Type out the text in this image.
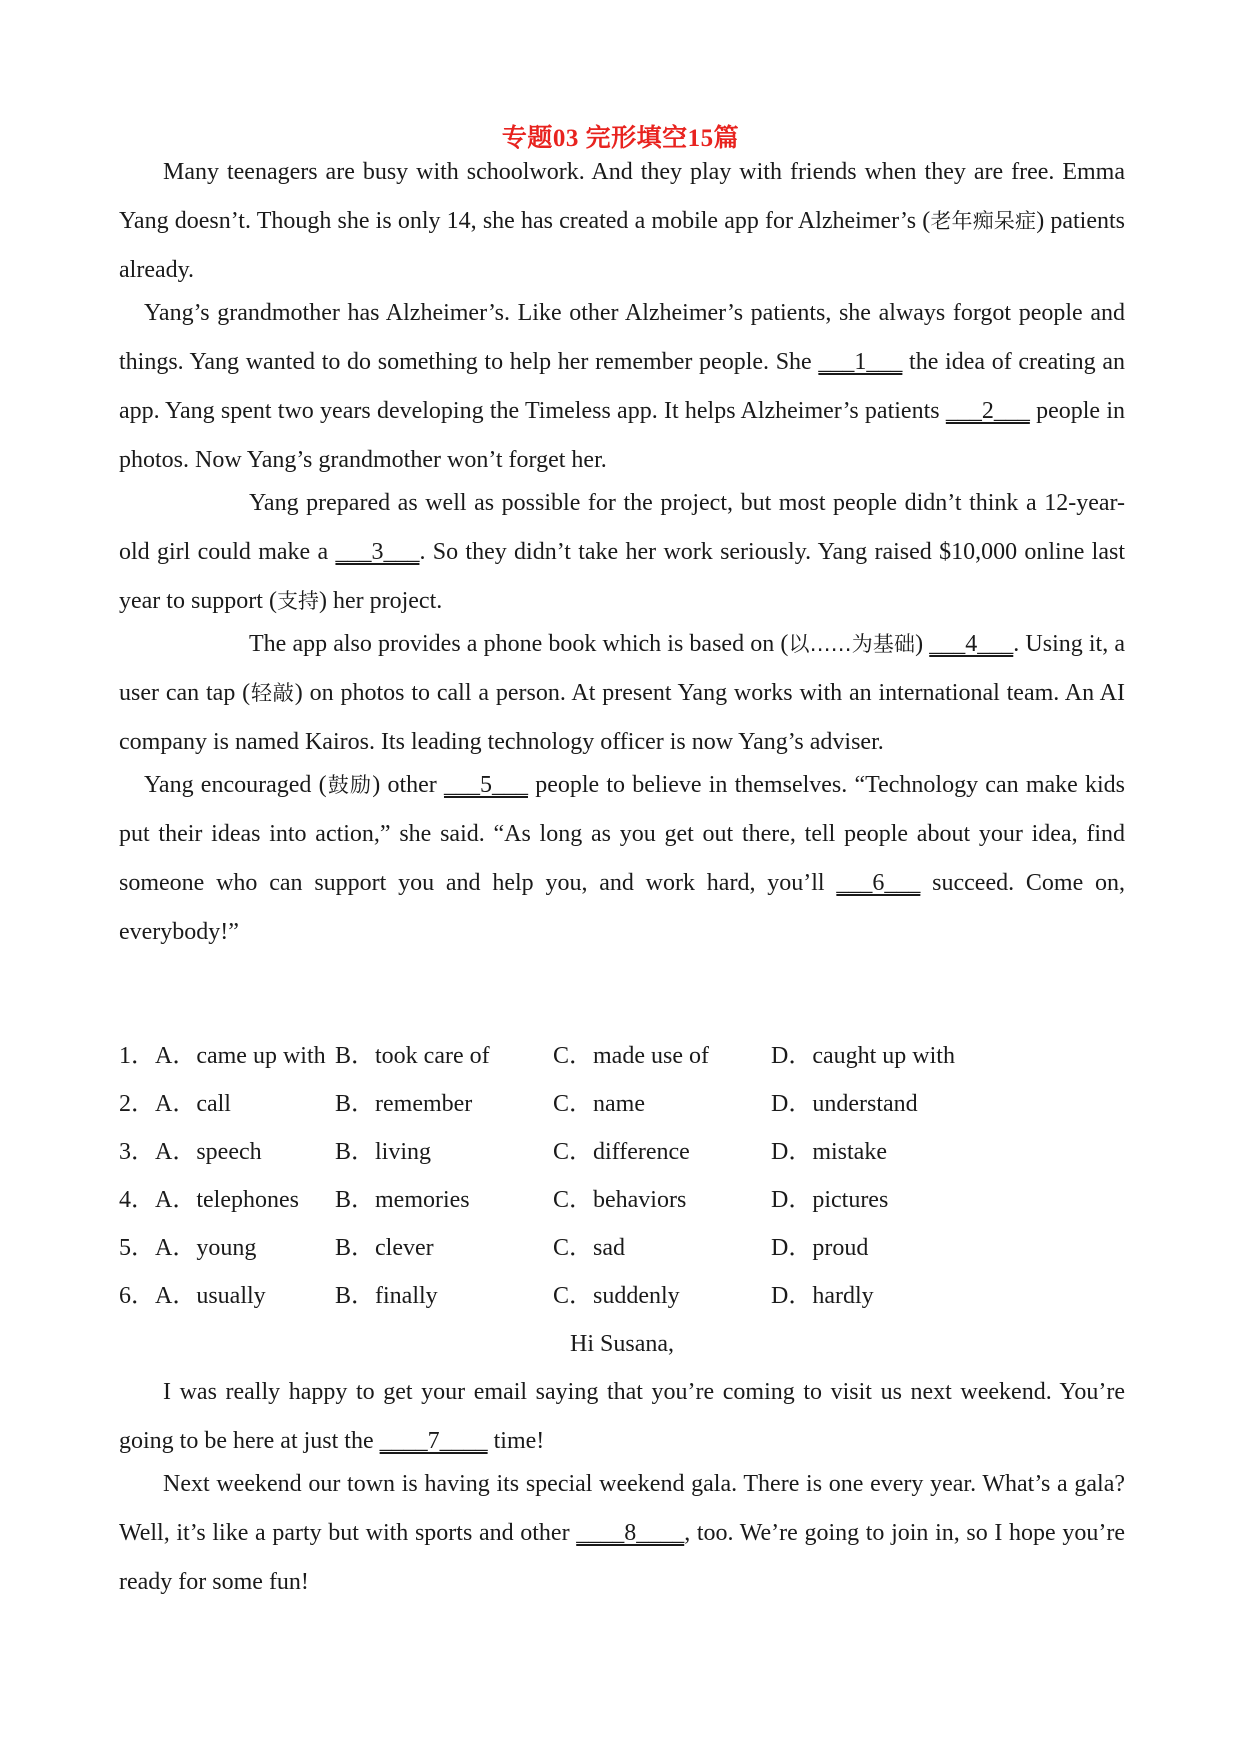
专题03 完形填空15篇

Many teenagers are busy with schoolwork. And they play with friends when they are free. Emma Yang doesn’t. Though she is only 14, she has created a mobile app for Alzheimer’s (老年痴呆症) patients already.

Yang’s grandmother has Alzheimer’s. Like other Alzheimer’s patients, she always forgot people and things. Yang wanted to do something to help her remember people. She ___1___ the idea of creating an app. Yang spent two years developing the Timeless app. It helps Alzheimer’s patients ___2___ people in photos. Now Yang’s grandmother won’t forget her.

Yang prepared as well as possible for the project, but most people didn’t think a 12-year-old girl could make a ___3___. So they didn’t take her work seriously. Yang raised $10,000 online last year to support (支持) her project.

The app also provides a phone book which is based on (以……为基础) ___4___. Using it, a user can tap (轻敲) on photos to call a person. At present Yang works with an international team. An AI company is named Kairos. Its leading technology officer is now Yang’s adviser.

Yang encouraged (鼓励) other ___5___ people to believe in themselves. “Technology can make kids put their ideas into action,” she said. “As long as you get out there, tell people about your idea, find someone who can support you and help you, and work hard, you’ll ___6___ succeed. Come on, everybody!”

1．A．came up with B．took care of	C．made use of	D．caught up with
2．A．call	B．remember	C．name	D．understand
3．A．speech	B．living	C．difference	D．mistake
4．A．telephones B．memories	C．behaviors	D．pictures
5．A．young	B．clever	C．sad	D．proud
6．A．usually	B．finally	C．suddenly	D．hardly

Hi Susana,

I was really happy to get your email saying that you’re coming to visit us next weekend. You’re going to be here at just the ____7____ time!

Next weekend our town is having its special weekend gala. There is one every year. What’s a gala? Well, it’s like a party but with sports and other ____8____, too. We’re going to join in, so I hope you’re ready for some fun!
